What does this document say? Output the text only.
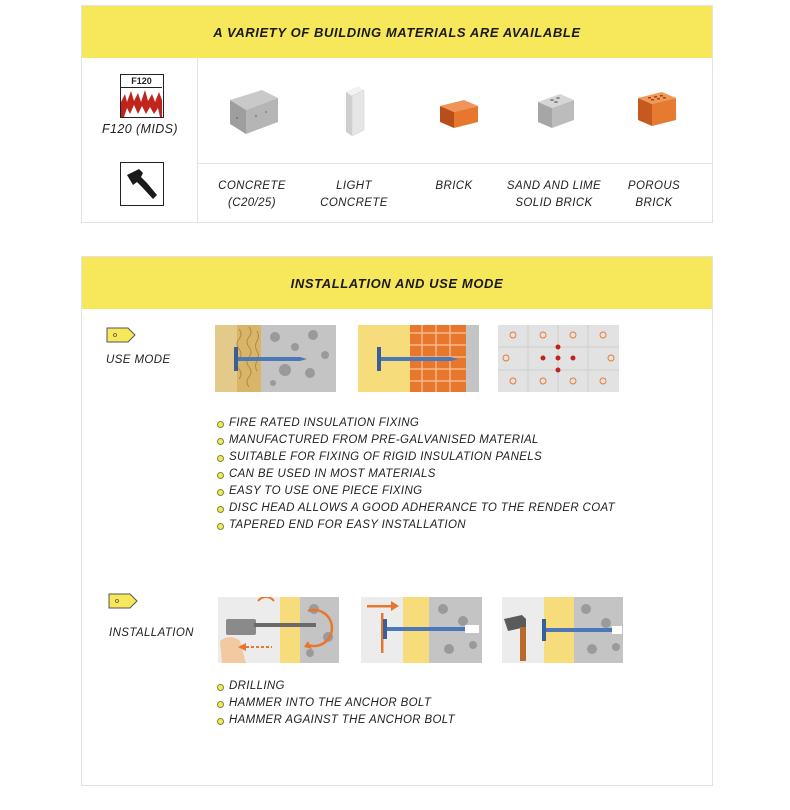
A VARIETY OF BUILDING MATERIALS ARE AVAILABLE
F120
F120 (MIDS)
CONCRETE
(C20/25)
LIGHT
CONCRETE
BRICK	SAND AND LIME
SOLID BRICK
POROUS
BRICK
INSTALLATION AND USE MODE
USE MODE
FIRE RATED INSULATION FIXING
MANUFACTURED FROM PRE-GALVANISED MATERIAL
SUITABLE FOR FIXING OF RIGID INSULATION PANELS
CAN BE USED IN MOST MATERIALS
EASY TO USE ONE PIECE FIXING
DISC HEAD ALLOWS A GOOD ADHERANCE TO THE RENDER COAT
TAPERED END FOR EASY INSTALLATION
INSTALLATION
DRILLING
HAMMER INTO THE ANCHOR BOLT
HAMMER AGAINST THE ANCHOR BOLT
